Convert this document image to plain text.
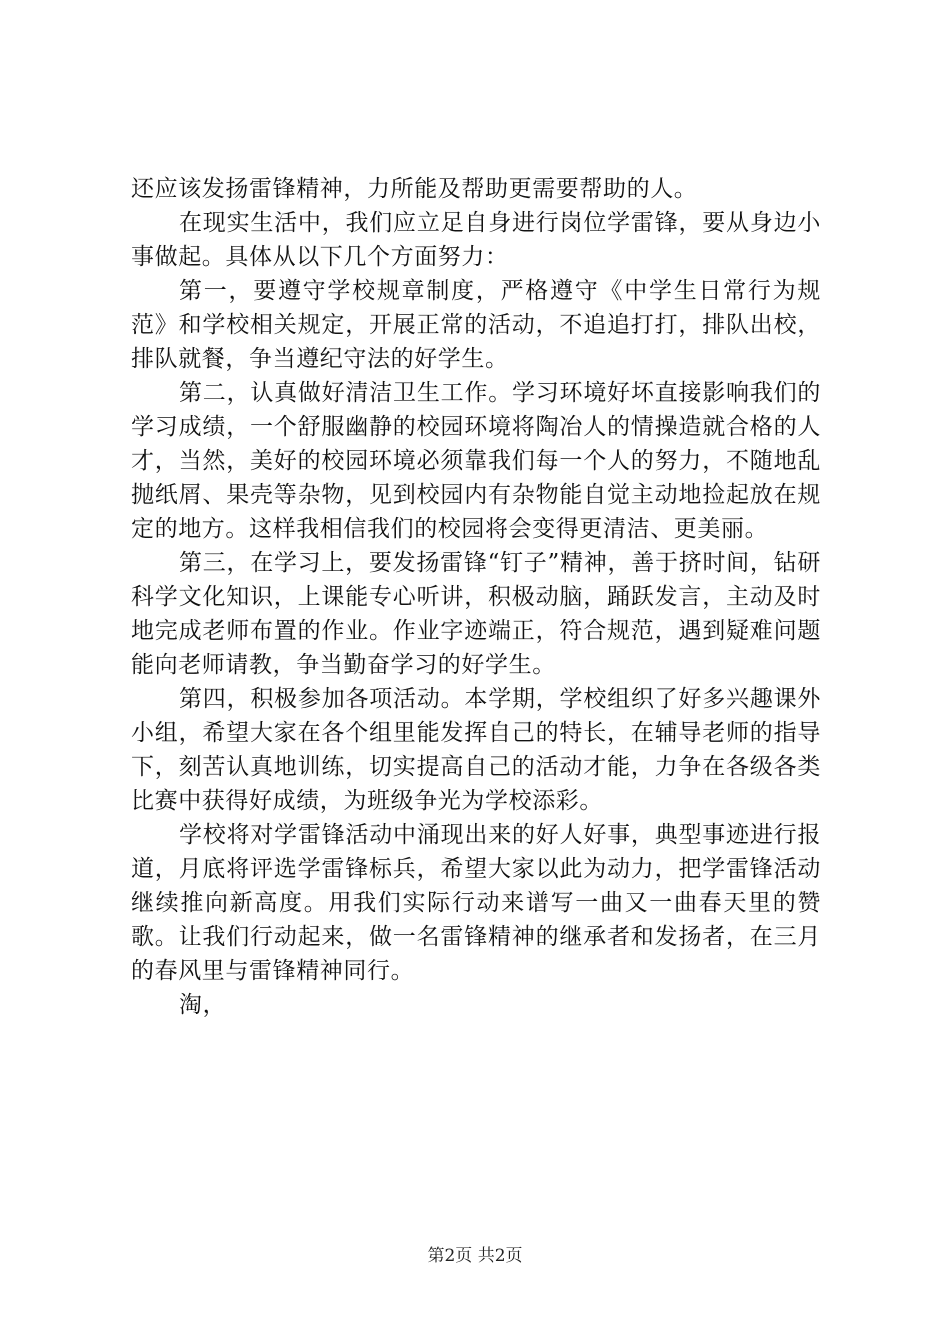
还应该发扬雷锋精神，力所能及帮助更需要帮助的人。

在现实生活中，我们应立足自身进行岗位学雷锋，要从身边小事做起。具体从以下几个方面努力：

第一，要遵守学校规章制度，严格遵守《中学生日常行为规范》和学校相关规定，开展正常的活动，不追追打打，排队出校，排队就餐，争当遵纪守法的好学生。

第二，认真做好清洁卫生工作。学习环境好坏直接影响我们的学习成绩，一个舒服幽静的校园环境将陶冶人的情操造就合格的人才，当然，美好的校园环境必须靠我们每一个人的努力，不随地乱抛纸屑、果壳等杂物，见到校园内有杂物能自觉主动地捡起放在规定的地方。这样我相信我们的校园将会变得更清洁、更美丽。

第三，在学习上，要发扬雷锋“钉子”精神，善于挤时间，钻研科学文化知识，上课能专心听讲，积极动脑，踊跃发言，主动及时地完成老师布置的作业。作业字迹端正，符合规范，遇到疑难问题能向老师请教，争当勤奋学习的好学生。

第四，积极参加各项活动。本学期，学校组织了好多兴趣课外小组，希望大家在各个组里能发挥自己的特长，在辅导老师的指导下，刻苦认真地训练，切实提高自己的活动才能，力争在各级各类比赛中获得好成绩，为班级争光为学校添彩。

学校将对学雷锋活动中涌现出来的好人好事，典型事迹进行报道，月底将评选学雷锋标兵，希望大家以此为动力，把学雷锋活动继续推向新高度。用我们实际行动来谱写一曲又一曲春天里的赞歌。让我们行动起来，做一名雷锋精神的继承者和发扬者，在三月的春风里与雷锋精神同行。

淘，

第2页 共2页
